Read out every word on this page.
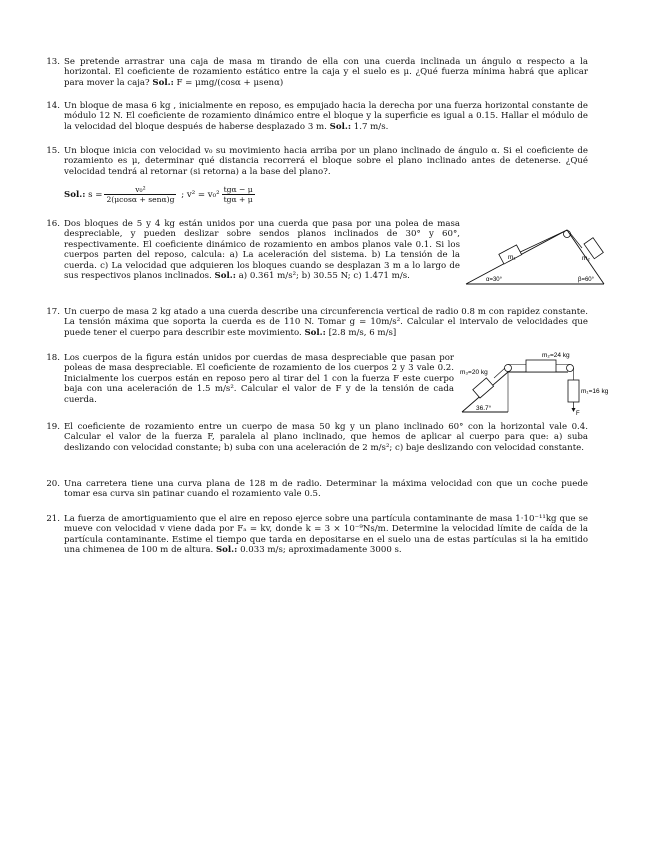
13. Se pretende arrastrar una caja de masa m tirando de ella con una cuerda inclinada un ángulo α respecto a la horizontal. El coeficiente de rozamiento estático entre la caja y el suelo es μ. ¿Qué fuerza mínima habrá que aplicar para mover la caja? Sol.: F = μmg/(cosα + μsenα)
14. Un bloque de masa 6 kg , inicialmente en reposo, es empujado hacia la derecha por una fuerza horizontal constante de módulo 12 N. El coeficiente de rozamiento dinámico entre el bloque y la superficie es igual a 0.15. Hallar el módulo de la velocidad del bloque después de haberse desplazado 3 m. Sol.: 1.7 m/s.
15. Un bloque inicia con velocidad v₀ su movimiento hacia arriba por un plano inclinado de ángulo α. Si el coeficiente de rozamiento es μ, determinar qué distancia recorrerá el bloque sobre el plano inclinado antes de detenerse. ¿Qué velocidad tendrá al retornar (si retorna) a la base del plano?.
Sol.: $s = \frac{\text{v₀²}}{\text{2(μcosα + senα)g}}$ ; $v^2 = v_0^2 \frac{\text{tgα − μ}}{\text{tgα + μ}}$
16. Dos bloques de 5 y 4 kg están unidos por una cuerda que pasa por una polea de masa despreciable, y pueden deslizar sobre sendos planos inclinados de 30° y 60°, respectivamente. El coeficiente dinámico de rozamiento en ambos planos vale 0.1. Si los cuerpos parten del reposo, calcula: a) La aceleración del sistema. b) La tensión de la cuerda. c) La velocidad que adquieren los bloques cuando se desplazan 3 m a lo largo de sus respectivos planos inclinados. Sol.: a) 0.361 m/s²; b) 30.55 N; c) 1.471 m/s.
m₁	m₂
α=30°	β=60°
17. Un cuerpo de masa 2 kg atado a una cuerda describe una circunferencia vertical de radio 0.8 m con rapidez constante. La tensión máxima que soporta la cuerda es de 110 N. Tomar g = 10m/s². Calcular el intervalo de velocidades que puede tener el cuerpo para describir este movimiento. Sol.: [2.8 m/s, 6 m/s]
18. Los cuerpos de la figura están unidos por cuerdas de masa despreciable que pasan por poleas de masa despreciable. El coeficiente de rozamiento de los cuerpos 2 y 3 vale 0.2. Inicialmente los cuerpos están en reposo pero al tirar del 1 con la fuerza F este cuerpo baja con una aceleración de 1.5 m/s². Calcular el valor de F y de la tensión de cada cuerda.
m₂=24 kg
m₃=20 kg
m₁=16 kg
36.7°
F
19. El coeficiente de rozamiento entre un cuerpo de masa 50 kg y un plano inclinado 60° con la horizontal vale 0.4. Calcular el valor de la fuerza F, paralela al plano inclinado, que hemos de aplicar al cuerpo para que: a) suba deslizando con velocidad constante; b) suba con una aceleración de 2 m/s²; c) baje deslizando con velocidad constante.
20. Una carretera tiene una curva plana de 128 m de radio. Determinar la máxima velocidad con que un coche puede tomar esa curva sin patinar cuando el rozamiento vale 0.5.
21. La fuerza de amortiguamiento que el aire en reposo ejerce sobre una partícula contaminante de masa 1·10⁻¹¹kg que se mueve con velocidad v viene dada por Fₐ = kv, donde k = 3 × 10⁻⁹Ns/m. Determine la velocidad límite de caída de la partícula contaminante. Estime el tiempo que tarda en depositarse en el suelo una de estas partículas si la ha emitido una chimenea de 100 m de altura. Sol.: 0.033 m/s; aproximadamente 3000 s.
